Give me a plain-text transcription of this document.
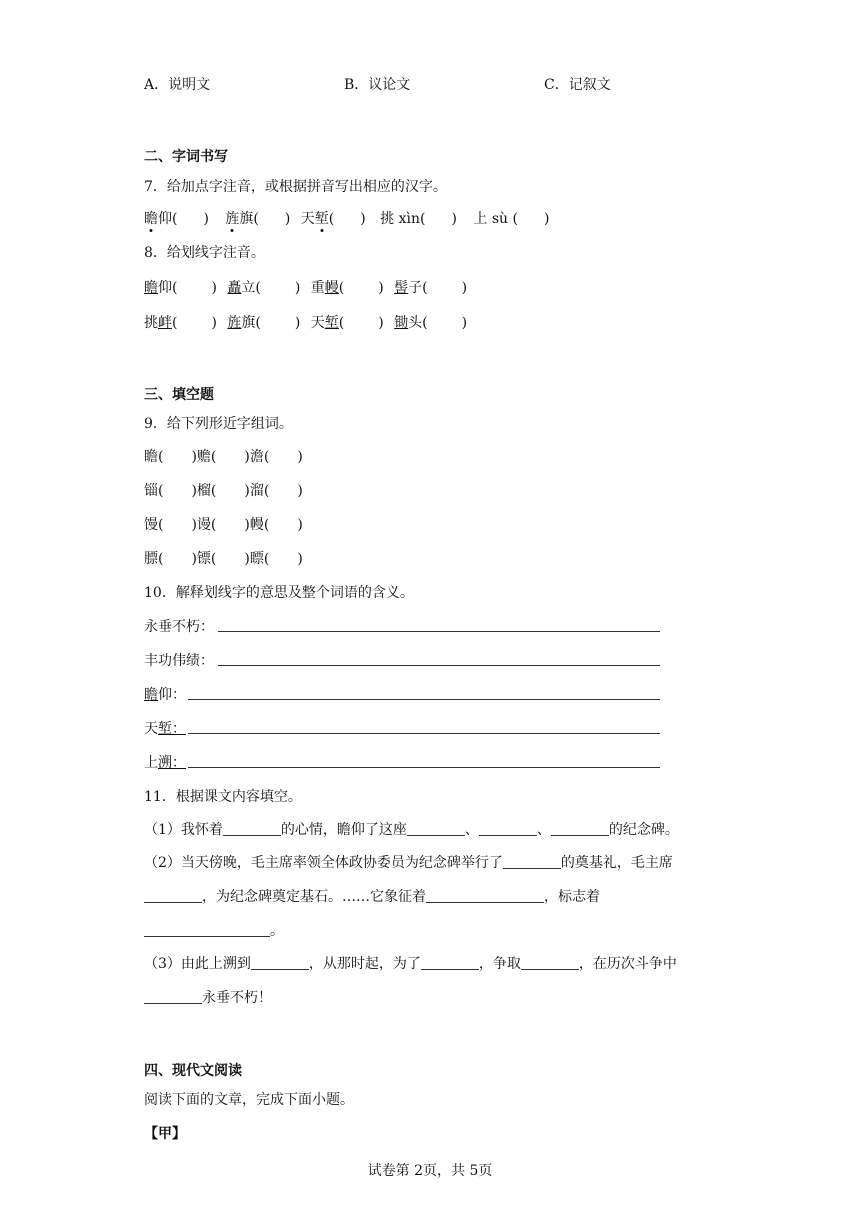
A．说明文	B．议论文	C．记叙文
二、字词书写
7．给加点字注音，或根据拼音写出相应的汉字。
瞻仰( ) 旌旗( ) 天堑( ) 挑 xìn( ) 上 sù ( )
8．给划线字注音。
瞻仰( ) 矗立( ) 重幔( ) 髻子( )
挑衅( ) 旌旗( ) 天堑( ) 锄头( )
三、填空题
9．给下列形近字组词。
瞻( )赡( )澹( )
锱( )榴( )溜( )
馒( )谩( )幔( )
膘( )镖( )瞟( )
10．解释划线字的意思及整个词语的含义。
永垂不朽：
丰功伟绩：
瞻仰：
天堑：
上溯：
11．根据课文内容填空。
（1）我怀着	的心情，瞻仰了这座	、	、	的纪念碑。
（2）当天傍晚，毛主席率领全体政协委员为纪念碑举行了	的奠基礼，毛主席
，为纪念碑奠定基石。……它象征着	，标志着
。
（3）由此上溯到	，从那时起，为了	，争取	，在历次斗争中
永垂不朽！
四、现代文阅读
阅读下面的文章，完成下面小题。
【甲】
试卷第 2页，共 5页
